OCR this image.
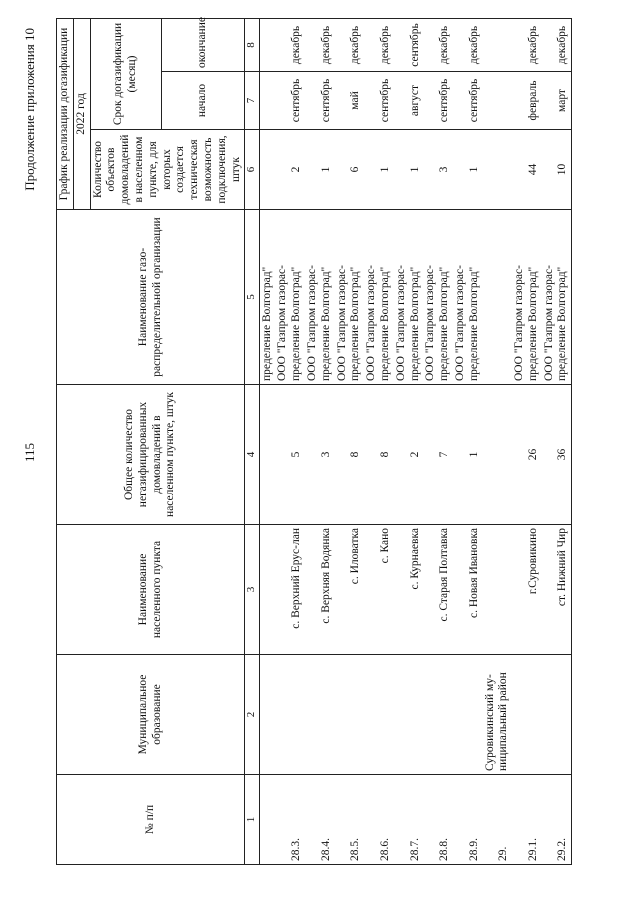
115
Продолжение приложения 10
№ п/п	Муниципальное образование	Наименование населенного пункта	Общее количество негазифицированных домовладений в населенном пункте, штук	Наименование газо-распределительной организации	График реализации догазификации		
					2022 год		
					Количество объектов домовладений в населенном пункте, для которых создается техническая возможность подключения, штук	Срок догазификации (месяц)	
						начало	окончание
1	2	3	4	5	6	7	8
				пределение Волгоград"			
28.3.		с. Верхний Ерус-лан	5	ООО "Газпром газорас-пределение Волгоград"	2	сентябрь	декабрь
28.4.		с. Верхняя Водянка	3	ООО "Газпром газорас-пределение Волгоград"	1	сентябрь	декабрь
28.5.		с. Иловатка	8	ООО "Газпром газорас-пределение Волгоград"	6	май	декабрь
28.6.		с. Кано	8	ООО "Газпром газорас-пределение Волгоград"	1	сентябрь	декабрь
28.7.		с. Курнаевка	2	ООО "Газпром газорас-пределение Волгоград"	1	август	сентябрь
28.8.		с. Старая Полтавка	7	ООО "Газпром газорас-пределение Волгоград"	3	сентябрь	декабрь
28.9.		с. Новая Ивановка	1	ООО "Газпром газорас-пределение Волгоград"	1	сентябрь	декабрь
29.	Суровикинский му-ниципальный район						
29.1.		г.Суровикино	26	ООО "Газпром газорас-пределение Волгоград"	44	февраль	декабрь
29.2.		ст. Нижний Чир	36	ООО "Газпром газорас-пределение Волгоград"	10	март	декабрь
